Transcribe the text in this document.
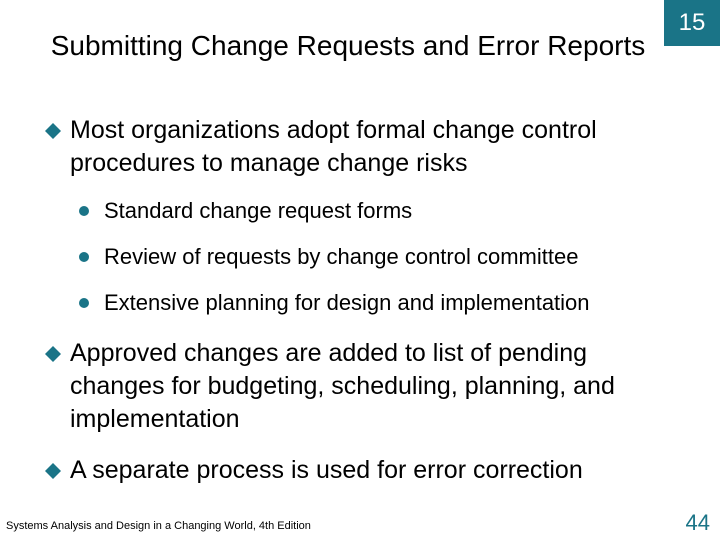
Submitting Change Requests and Error Reports
15
Most organizations adopt formal change control
procedures to manage change risks
Standard change request forms
Review of requests by change control committee
Extensive planning for design and implementation
Approved changes are added to list of pending
changes for budgeting, scheduling, planning, and
implementation
A separate process is used for error correction
Systems Analysis and Design in a Changing World, 4th Edition	44
